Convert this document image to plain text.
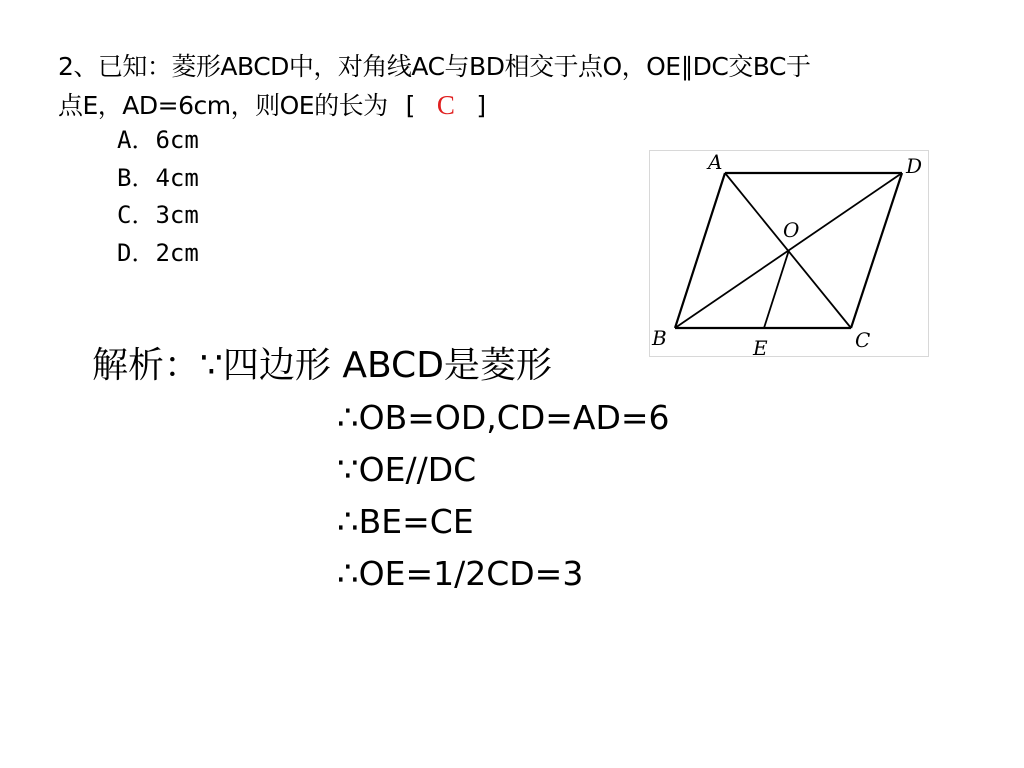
2、已知：菱形ABCD中，对角线AC与BD相交于点O，OE∥DC交BC于
点E，AD=6cm，则OE的长为 [ C ]
A．6cm
B．4cm
C．3cm
D．2cm
A	D
O
B	E	C
解析：∵四边形 ABCD是菱形
∴OB=OD,CD=AD=6
∵OE//DC
∴BE=CE
∴OE=1/2CD=3
